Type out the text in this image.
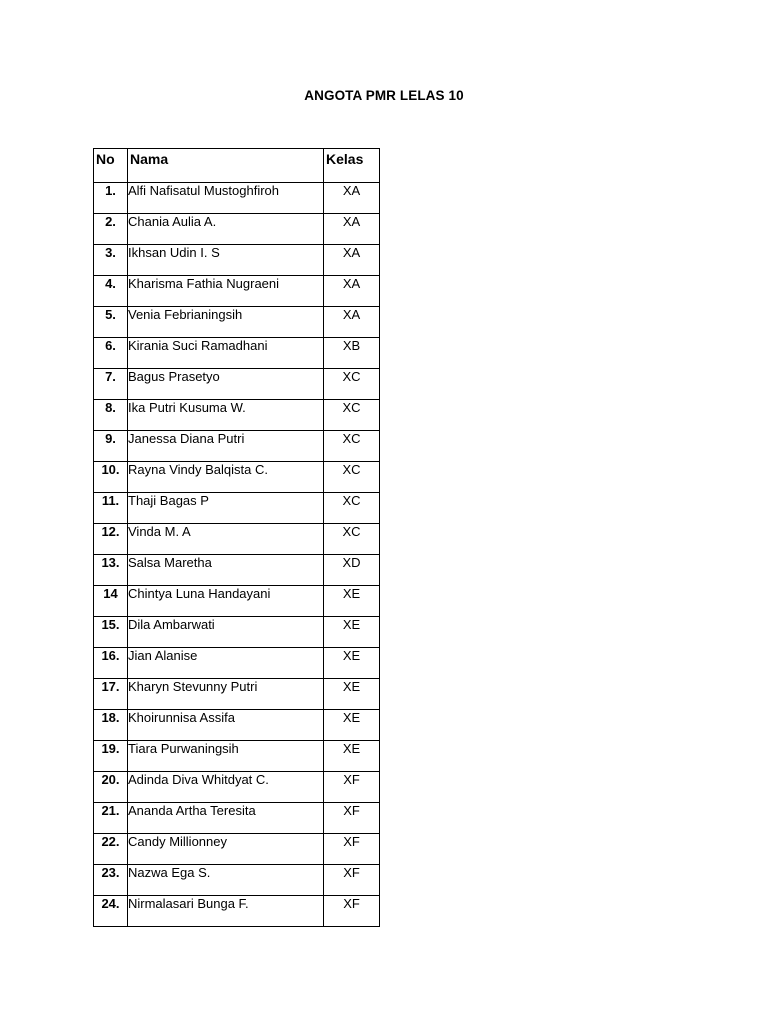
ANGOTA PMR LELAS 10
No	Nama	Kelas
1.	Alfi Nafisatul Mustoghfiroh	XA
2.	Chania Aulia A.	XA
3.	Ikhsan Udin I. S	XA
4.	Kharisma Fathia Nugraeni	XA
5.	Venia Febrianingsih	XA
6.	Kirania Suci Ramadhani	XB
7.	Bagus Prasetyo	XC
8.	Ika Putri Kusuma W.	XC
9.	Janessa Diana Putri	XC
10.	Rayna Vindy Balqista C.	XC
11.	Thaji Bagas P	XC
12.	Vinda M. A	XC
13.	Salsa Maretha	XD
14	Chintya Luna Handayani	XE
15.	Dila Ambarwati	XE
16.	Jian Alanise	XE
17.	Kharyn Stevunny Putri	XE
18.	Khoirunnisa Assifa	XE
19.	Tiara Purwaningsih	XE
20.	Adinda Diva Whitdyat C.	XF
21.	Ananda Artha Teresita	XF
22.	Candy Millionney	XF
23.	Nazwa Ega S.	XF
24.	Nirmalasari Bunga F.	XF
